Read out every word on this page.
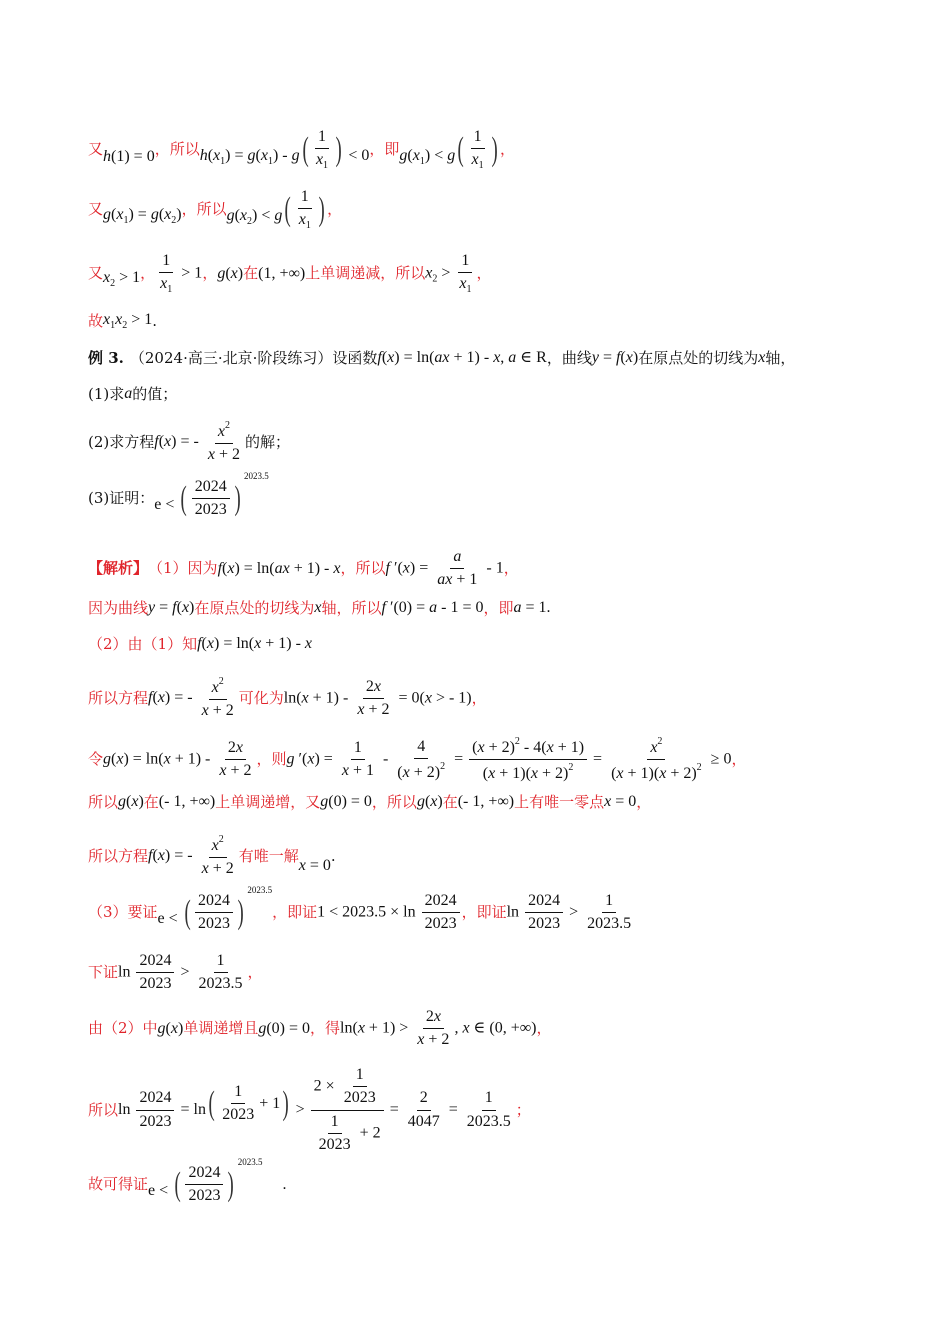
又 h(1) = 0 ，所以 $h(x_1) = g(x_1) - g$ ( $\frac{1}{x_1}$ ) < 0 ，即 $g(x_1) < g$ ( $\frac{1}{x_1}$ ) ，
又 $g(x_1) = g(x_2)$ ，所以 $g(x_2) < g$ ( $\frac{1}{x_1}$ ) ，
又 $x_2 > 1$ ， $\frac{1}{x_1} > 1$ ， g(x) 在 (1, +∞) 上单调递减，所以 $x_2 > \frac{1}{x_1}$ ，
故 $x_1x_2 > 1$ .
例 3. （2024·高三·北京·阶段练习）设函数 f(x) = ln(ax + 1) - x, a ∈ R ，曲线 y = f(x) 在原点处的切线为 x 轴，
(1)求 a 的值；
(2)求方程 f(x) = - $\frac{x^2}{x + 2}$ 的解；
(3)证明： e < ( $\frac{2024}{2023}$ )
2023.5
【解析】 （1）因为 f(x) = ln(ax + 1) - x ，所以 f $'(x) = \frac{a}{ax + 1} - 1$ ，
因为曲线 y = f(x) 在原点处的切线为 x 轴，所以 f ′(0) = a - 1 = 0 ，即 a = 1.
（2）由（1）知 f(x) = ln(x + 1) - x
所以方程 f(x) = - $\frac{x^2}{x + 2}$ 可化为 $\ln(x + 1) - \frac{2x}{x + 2} = 0(x$ > - 1) ，
令 $g(x) = \ln(x + 1) - \frac{2x}{x + 2}$ ，则 g $'(x) = \frac{1}{x + 1} - \frac{4}{(x + 2)^2} = \frac{(x + 2)^2 - 4(x + 1)}{(x + 1)(x + 2)^2} = \frac{x^2}{(x + 1)(x + 2)^2} \ge 0$ ，
所以 g(x) 在 (- 1, +∞) 上单调递增，又 g(0) = 0 ，所以 g(x) 在 (- 1, +∞) 上有唯一零点 x = 0 ，
所以方程 f(x) = - $\frac{x^2}{x + 2}$ 有唯一解
x = 0
.
（3）要证 e < ( $\frac{2024}{2023}$ )
2023.5
，即证 $1 < 2023.5 \times \ln \frac{2024}{2023}$ ，即证 $\ln \frac{2024}{2023} > \frac{1}{2023.5}$
下证 $\ln \frac{2024}{2023} > \frac{1}{2023.5}$ ，
由（2）中 g(x) 单调递增且 g(0) = 0 ，得 $\ln(x + 1) > \frac{2x}{x + 2}$ , x ∈ (0, +∞) ，
所以 $\ln \frac{2024}{2023} = \ln$ ( $\frac{1}{2023} + 1$ ) > $\frac{2 \times \frac{1}{2023}}{\frac{1}{2023} + 2} = \frac{2}{4047} = \frac{1}{2023.5}$ ；
故可得证 e < ( $\frac{2024}{2023}$ )
2023.5
.
